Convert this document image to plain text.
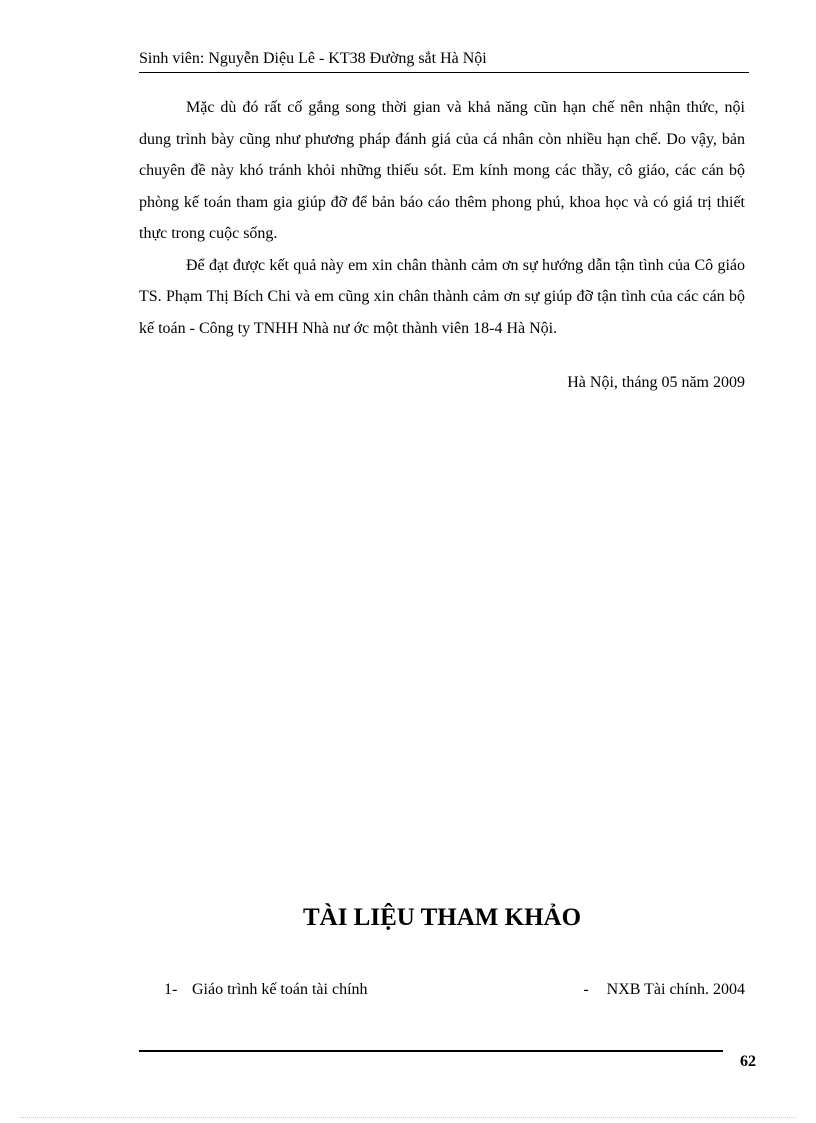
Sinh viên: Nguyễn Diệu Lê - KT38 Đường sắt Hà Nội

Mặc dù đó rất cố gắng song thời gian và khả năng cũn hạn chế nên nhận thức, nội dung trình bày cũng như phương pháp đánh giá của cá nhân còn nhiều hạn chế. Do vậy, bản chuyên đề này khó tránh khỏi những thiếu sót. Em kính mong các thầy, cô giáo, các cán bộ phòng kế toán tham gia giúp đỡ để bản báo cáo thêm phong phú, khoa học và có giá trị thiết thực trong cuộc sống.

Để đạt được kết quả này em xin chân thành cảm ơn sự hướng dẫn tận tình của Cô giáo TS. Phạm Thị Bích Chi và em cũng xin chân thành cảm ơn sự giúp đỡ tận tình của các cán bộ kế toán - Công ty TNHH Nhà nư ớc một thành viên 18-4 Hà Nội.

Hà Nội, tháng 05 năm 2009
TÀI LIỆU THAM KHẢO
1- Giáo trình kế toán tài chính	- NXB Tài chính. 2004
62
